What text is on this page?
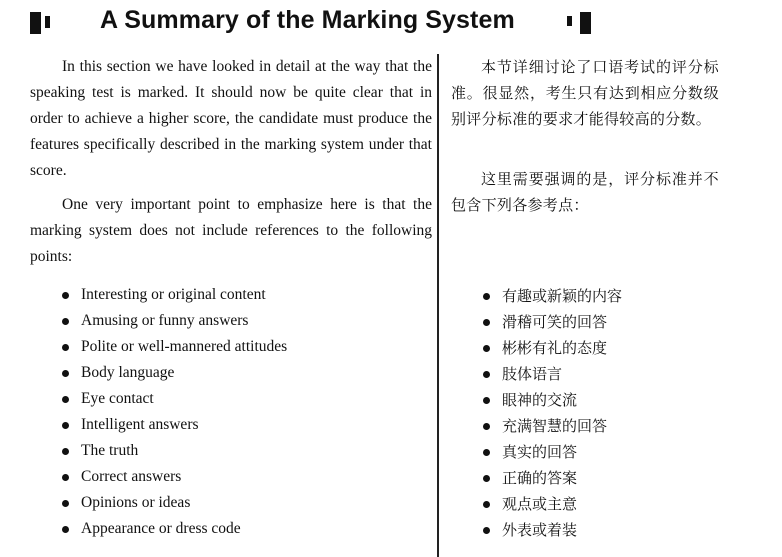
A Summary of the Marking System

In this section we have looked in detail at the way that the speaking test is marked. It should now be quite clear that in order to achieve a higher score, the candidate must produce the features specifically described in the marking system under that score.

One very important point to emphasize here is that the marking system does not include references to the following points:

本节详细讨论了口语考试的评分标准。很显然，考生只有达到相应分数级别评分标准的要求才能得较高的分数。

这里需要强调的是，评分标准并不包含下列各参考点：

Interesting or original content
Amusing or funny answers
Polite or well-mannered attitudes
Body language
Eye contact
Intelligent answers
The truth
Correct answers
Opinions or ideas
Appearance or dress code
有趣或新颖的内容
滑稽可笑的回答
彬彬有礼的态度
肢体语言
眼神的交流
充满智慧的回答
真实的回答
正确的答案
观点或主意
外表或着装
